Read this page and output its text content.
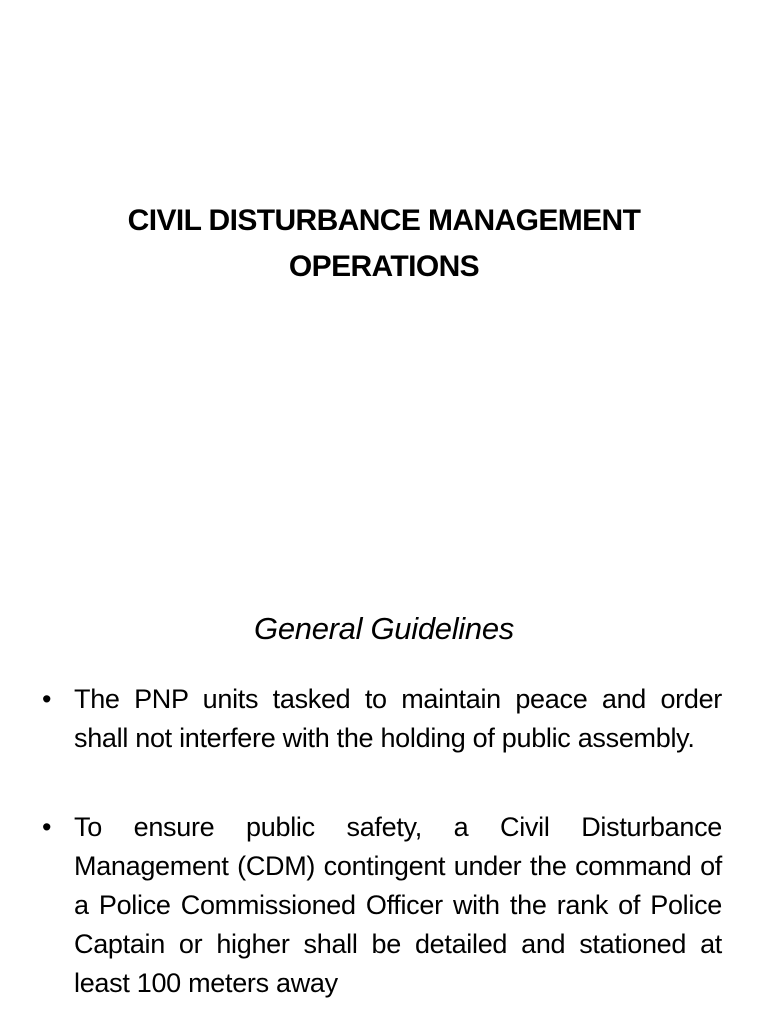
CIVIL DISTURBANCE MANAGEMENT
OPERATIONS
General Guidelines
• The PNP units tasked to maintain peace and order shall not interfere with the holding of public assembly.
• To ensure public safety, a Civil Disturbance Management (CDM) contingent under the command of a Police Commissioned Officer with the rank of Police Captain or higher shall be detailed and stationed at least 100 meters away
